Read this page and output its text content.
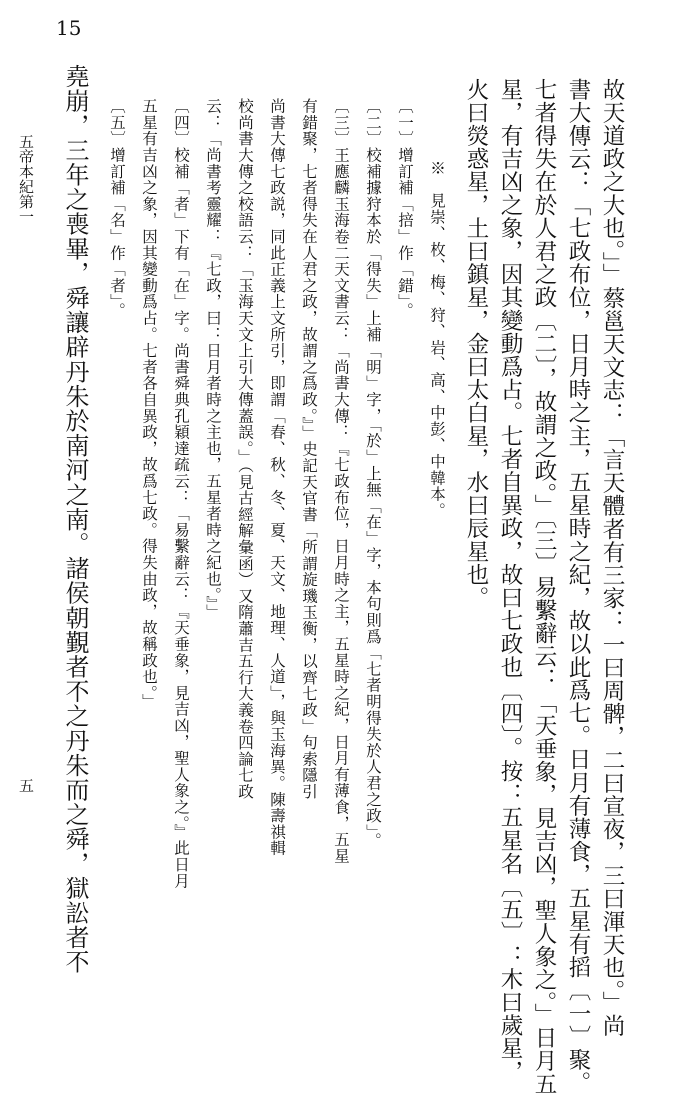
15
故天道政之大也。」」蔡邕天文志：「言天體者有三家：一曰周髀，二曰宣夜，三曰渾天也。」尚
書大傳云：「七政布位，日月時之主，五星時之紀，故以此爲七。日月有薄食，五星有搯〔一〕聚。
七者得失在於人君之政〔二〕，故謂之政。」〔三〕易繫辭云：「天垂象，見吉凶，聖人象之。」日月五
星，有吉凶之象，因其變動爲占。七者自異政，故曰七政也〔四〕。按：五星名〔五〕：木曰歲星，
火曰熒惑星，土曰鎮星，金曰太白星，水曰辰星也。
※　見崇、枚、梅、狩、岩、高、中彭、中韓本。
〔一〕增訂補「掊」作「錯」。
〔二〕校補據狩本於「得失」上補「明」字，「於」上無「在」字，本句則爲「七者明得失於人君之政」。
〔三〕王應麟玉海卷二天文書云：「尚書大傳：『七政布位，日月時之主，五星時之紀，日月有薄食，五星
有錯聚，七者得失在人君之政，故謂之爲政。』」史記天官書「所謂旋璣玉衡，以齊七政」句索隱引
尚書大傳七政説，同此正義上文所引，即謂「春、秋、冬、夏、天文、地理、人道」，與玉海異。陳壽祺輯
校尚書大傳之校語云：「玉海天文上引大傳蓋誤。」（見古經解彙函）又隋蕭吉五行大義卷四論七政
云：「尚書考靈耀：『七政，曰：日月者時之主也，五星者時之紀也。』」
〔四〕校補「者」下有「在」字。尚書舜典孔穎達疏云：「易繫辭云：『天垂象，見吉凶，聖人象之。』此日月
五星有吉凶之象，因其變動爲占。七者各自異政，故爲七政。得失由政，故稱政也。」
〔五〕增訂補「名」作「者」。
堯崩，三年之喪畢，舜讓辟丹朱於南河之南。諸侯朝覲者不之丹朱而之舜，獄訟者不
五帝本紀第一
五
